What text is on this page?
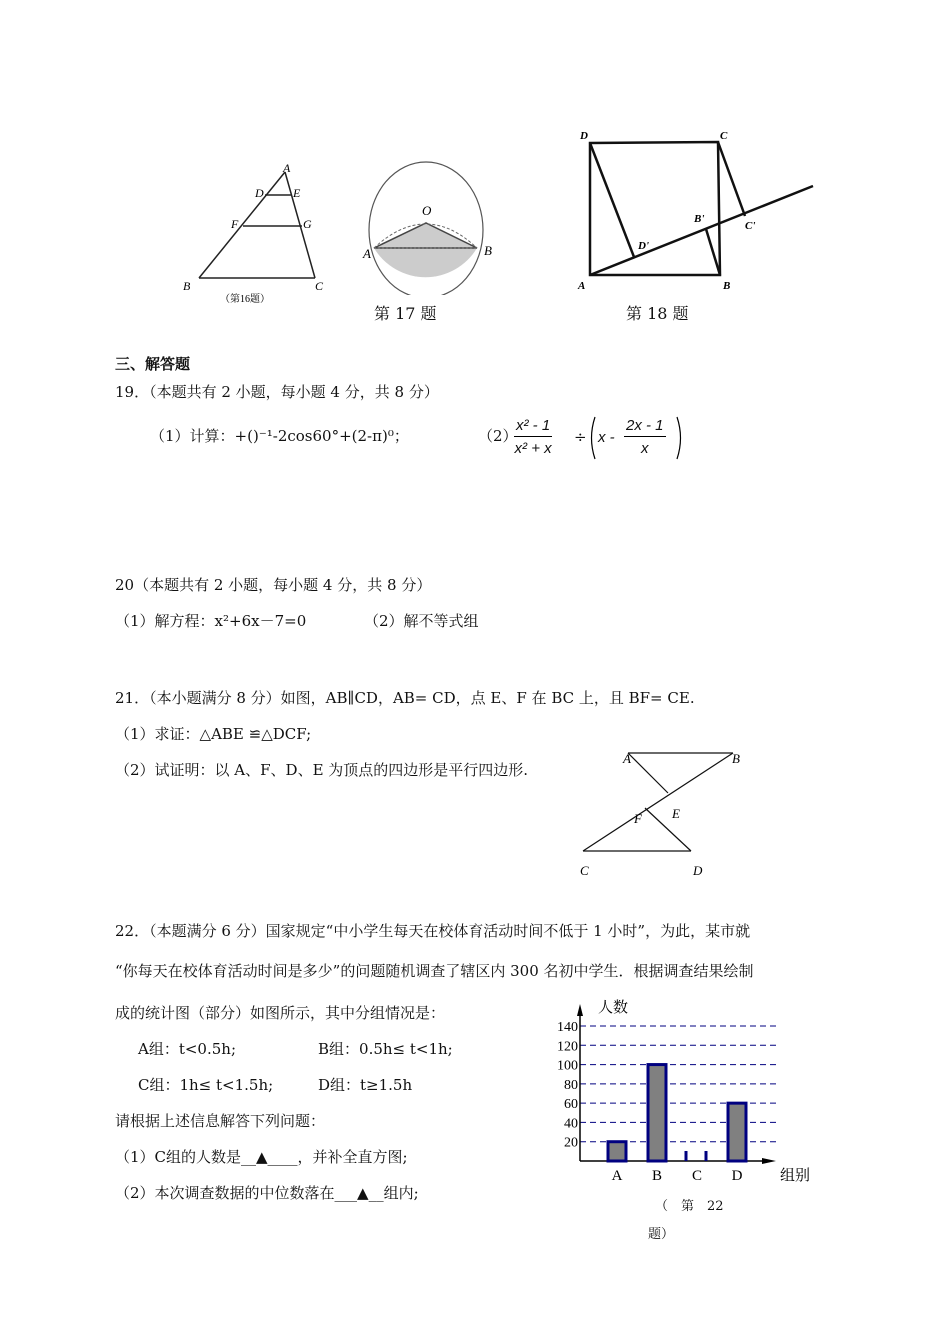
A
D E
F	G
B	C
（第16题）
O
A	B
第 17 题
D	C
B'
C'
D'
A	B
第 18 题
三、解答题
19．（本题共有 2 小题，每小题 4 分，共 8 分）
（1）计算：+()⁻¹-2cos60°+(2-π)⁰；	（2）
$\frac{\text{x² - 1}}{\text{x² + x}} \div x - \frac{2x - 1}{x}$
20（本题共有 2 小题，每小题 4 分，共 8 分）
（1）解方程：x²+6x－7=0	（2）解不等式组
21．（本小题满分 8 分）如图，AB∥CD，AB= CD，点 E、F 在 BC 上，且 BF= CE.
（1）求证：△ABE ≌△DCF;
（2）试证明：以 A、F、D、E 为顶点的四边形是平行四边形.
A	B
E
F
C	D
22．（本题满分 6 分）国家规定“中小学生每天在校体育活动时间不低于 1 小时”，为此，某市就
“你每天在校体育活动时间是多少”的问题随机调查了辖区内 300 名初中学生．根据调查结果绘制
成的统计图（部分）如图所示，其中分组情况是：
A组：t<0.5h;	B组：0.5h≤ t<1h;
C组：1h≤ t<1.5h;	D组：t≥1.5h
请根据上述信息解答下列问题：
（1）C组的人数是__▲____，并补全直方图;
（2）本次调查数据的中位数落在___▲__组内;
20
40
60
80
100
120
140
人数
组别
A B C D
（　第　22
题）
